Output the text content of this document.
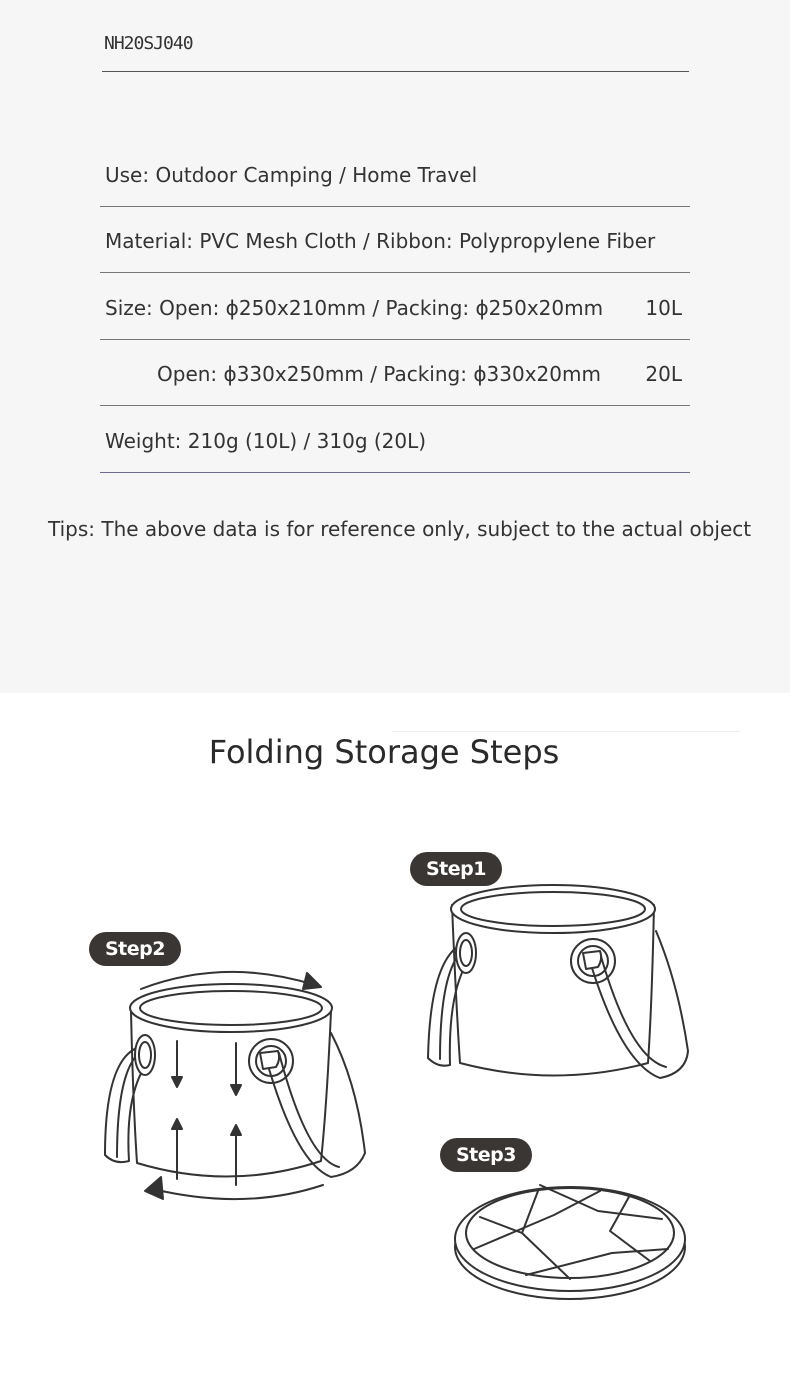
NH20SJ040
Use: Outdoor Camping / Home Travel
Material: PVC Mesh Cloth / Ribbon: Polypropylene Fiber
Size: Open: ɸ250x210mm / Packing: ɸ250x20mm 10L
Open: ɸ330x250mm / Packing: ɸ330x20mm 20L
Weight: 210g (10L) / 310g (20L)
Tips: The above data is for reference only, subject to the actual object
Folding Storage Steps
Step1
Step2
Step3
